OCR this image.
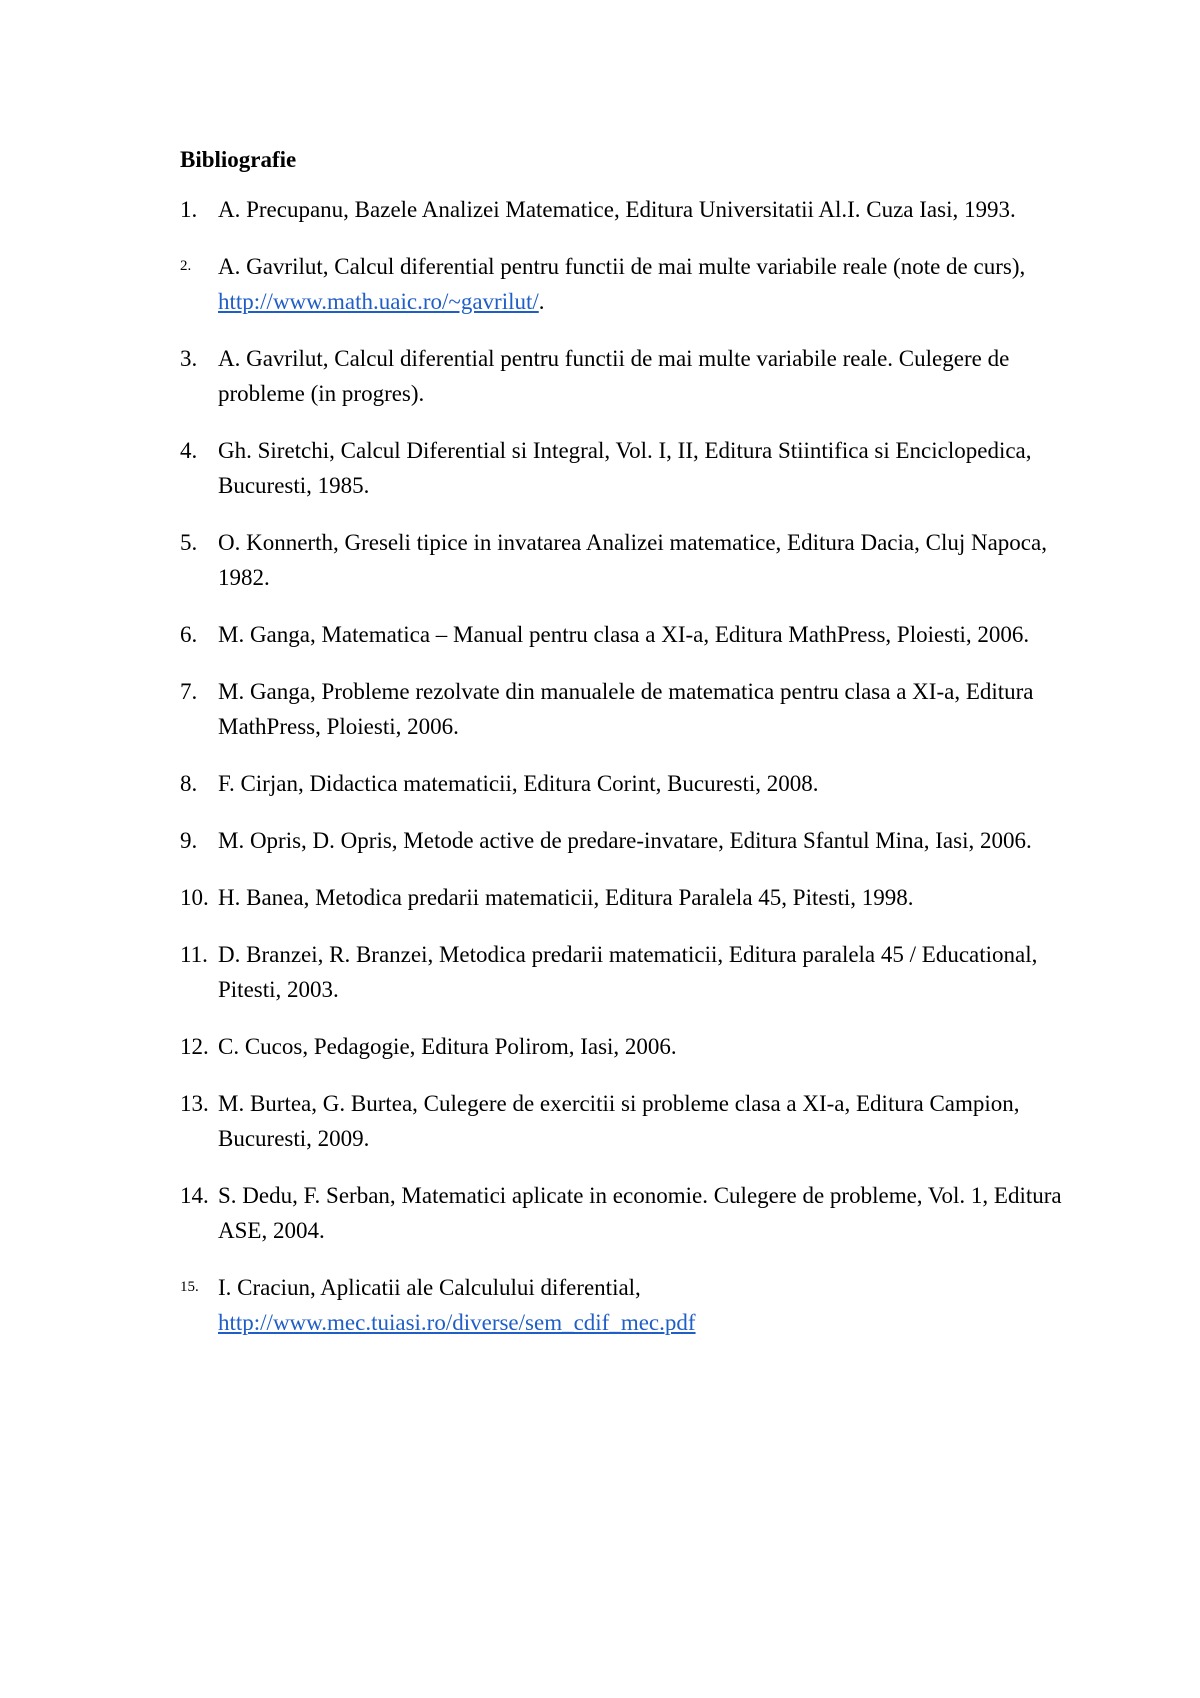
Bibliografie
1. A. Precupanu, Bazele Analizei Matematice, Editura Universitatii Al.I. Cuza Iasi, 1993.
2. A. Gavrilut, Calcul diferential pentru functii de mai multe variabile reale (note de curs), http://www.math.uaic.ro/~gavrilut/.
3. A. Gavrilut, Calcul diferential pentru functii de mai multe variabile reale. Culegere de probleme (in progres).
4. Gh. Siretchi, Calcul Diferential si Integral, Vol. I, II, Editura Stiintifica si Enciclopedica, Bucuresti, 1985.
5. O. Konnerth, Greseli tipice in invatarea Analizei matematice, Editura Dacia, Cluj Napoca, 1982.
6. M. Ganga, Matematica – Manual pentru clasa a XI-a, Editura MathPress, Ploiesti, 2006.
7. M. Ganga, Probleme rezolvate din manualele de matematica pentru clasa a XI-a, Editura MathPress, Ploiesti, 2006.
8. F. Cirjan, Didactica matematicii, Editura Corint, Bucuresti, 2008.
9. M. Opris, D. Opris, Metode active de predare-invatare, Editura Sfantul Mina, Iasi, 2006.
10. H. Banea, Metodica predarii matematicii, Editura Paralela 45, Pitesti, 1998.
11. D. Branzei, R. Branzei, Metodica predarii matematicii, Editura paralela 45 / Educational, Pitesti, 2003.
12. C. Cucos, Pedagogie, Editura Polirom, Iasi, 2006.
13. M. Burtea, G. Burtea, Culegere de exercitii si probleme clasa a XI-a, Editura Campion, Bucuresti, 2009.
14. S. Dedu, F. Serban, Matematici aplicate in economie. Culegere de probleme, Vol. 1, Editura ASE, 2004.
15. I. Craciun, Aplicatii ale Calculului diferential, http://www.mec.tuiasi.ro/diverse/sem_cdif_mec.pdf
